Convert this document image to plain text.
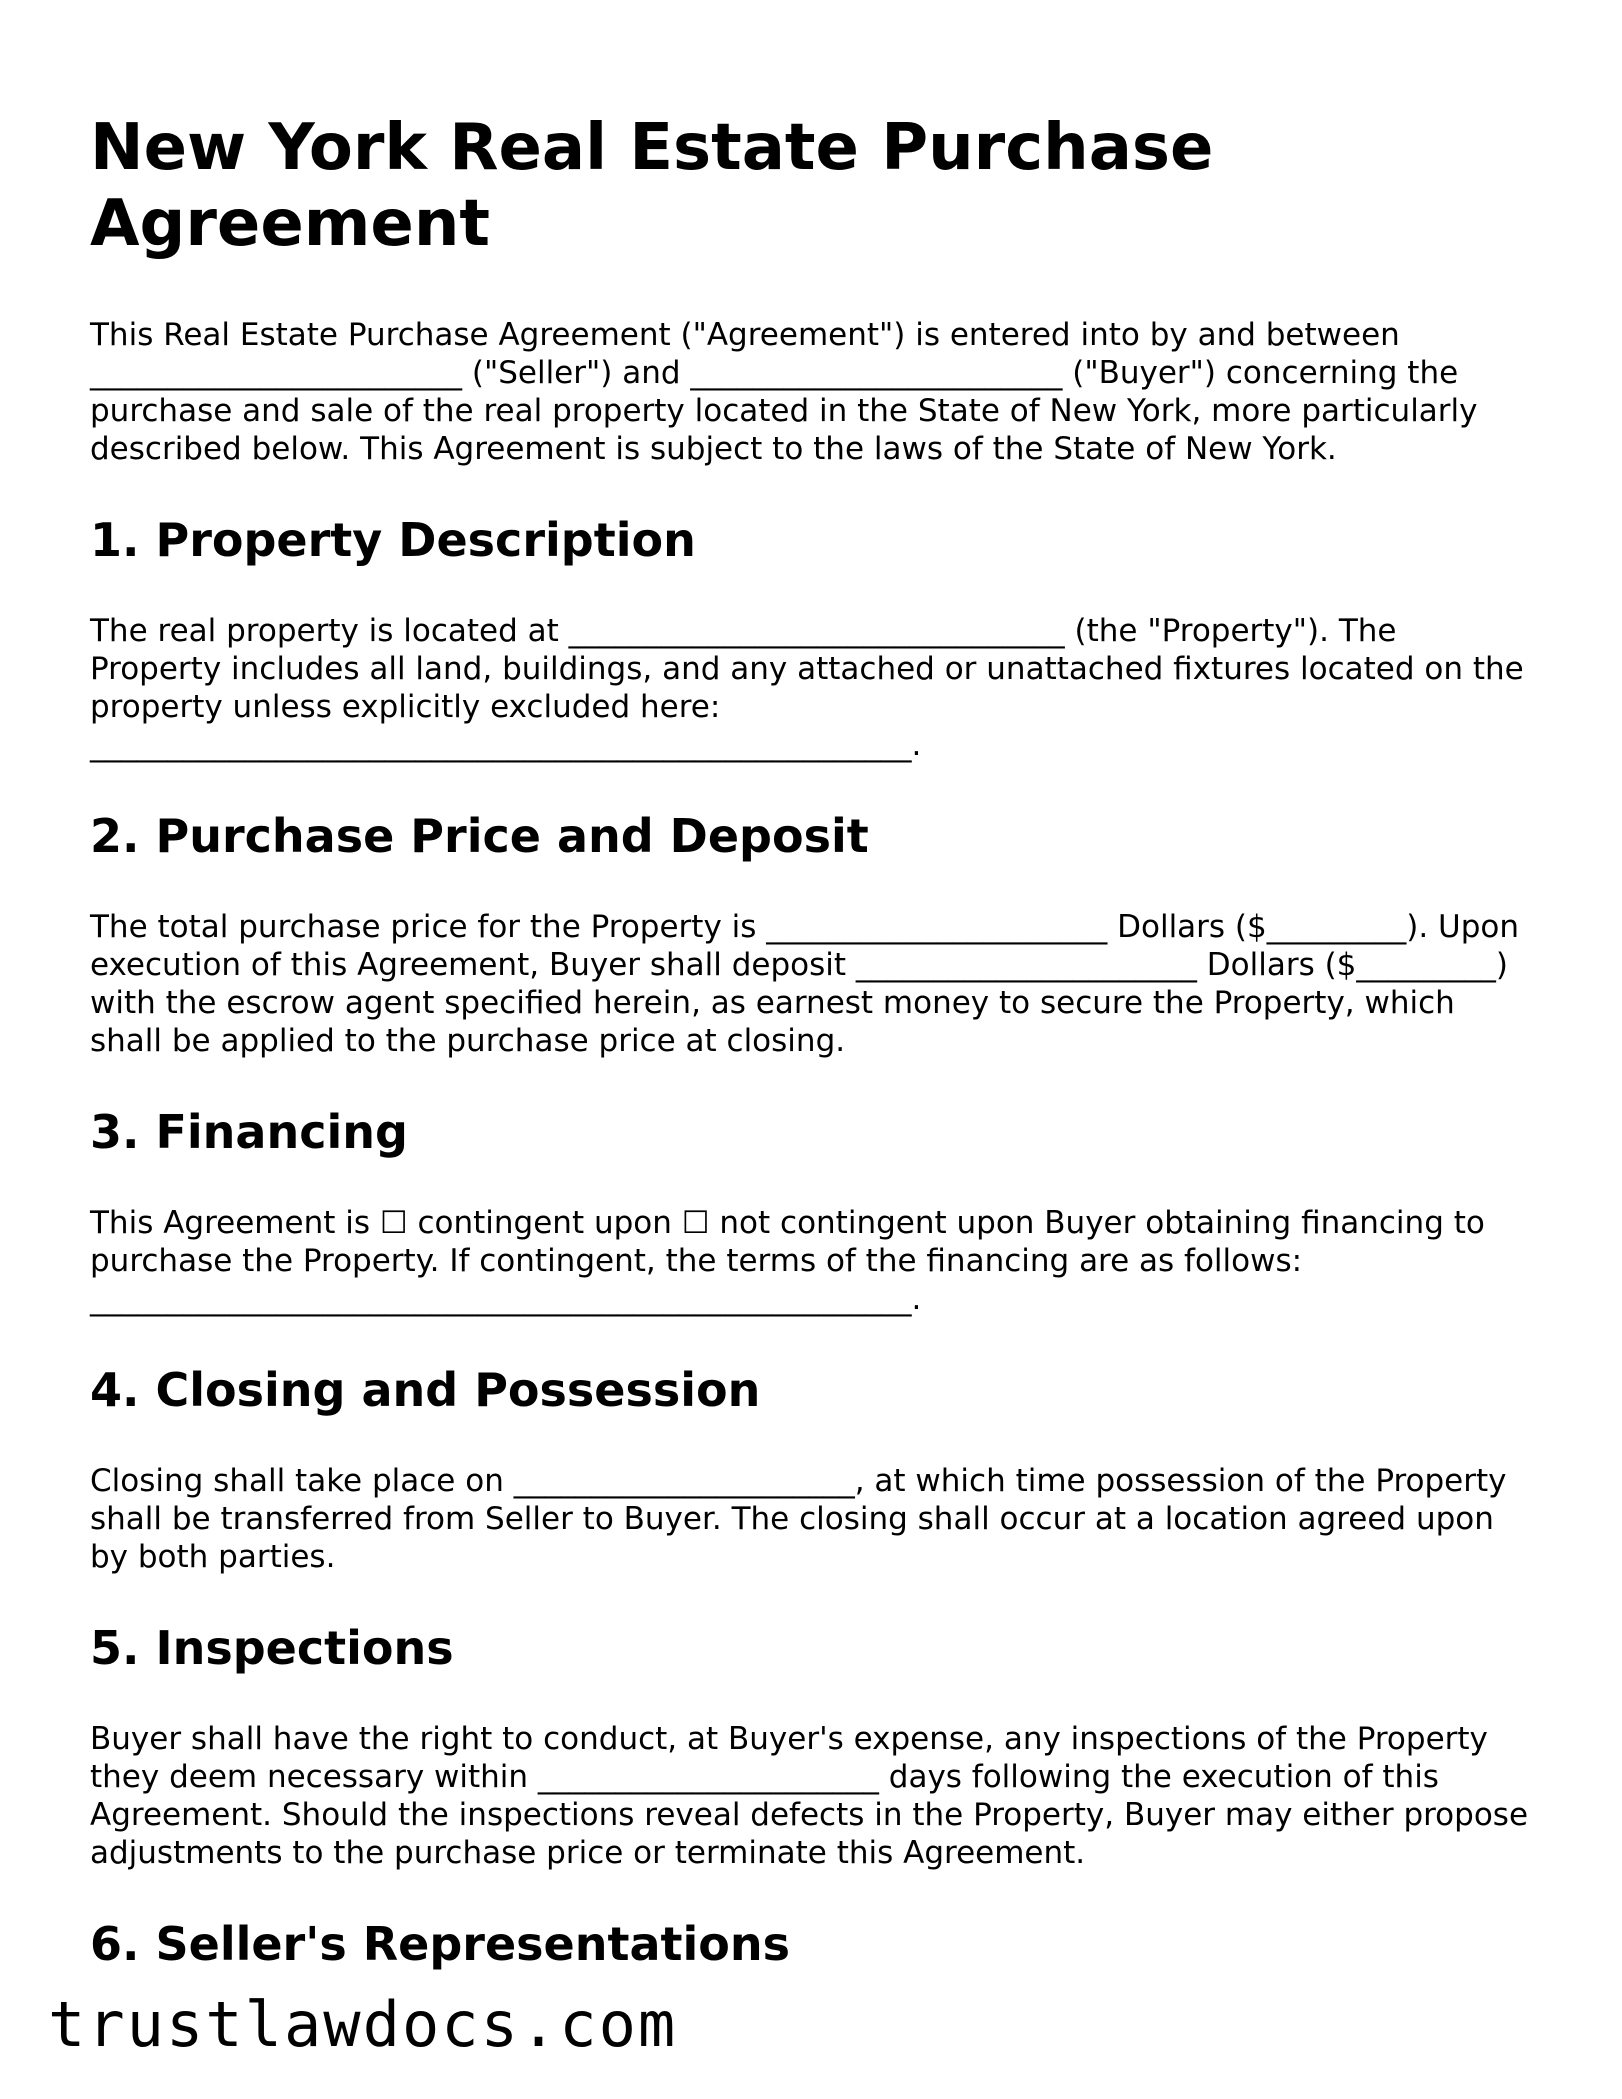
New York Real Estate Purchase Agreement

This Real Estate Purchase Agreement ("Agreement") is entered into by and between ________________________ ("Seller") and ________________________ ("Buyer") concerning the purchase and sale of the real property located in the State of New York, more particularly described below. This Agreement is subject to the laws of the State of New York.

1. Property Description

The real property is located at ________________________________ (the "Property"). The Property includes all land, buildings, and any attached or unattached fixtures located on the property unless explicitly excluded here: _____________________________________________________.

2. Purchase Price and Deposit

The total purchase price for the Property is ______________________ Dollars ($_________). Upon execution of this Agreement, Buyer shall deposit ______________________ Dollars ($_________) with the escrow agent specified herein, as earnest money to secure the Property, which shall be applied to the purchase price at closing.

3. Financing

This Agreement is ☐ contingent upon ☐ not contingent upon Buyer obtaining financing to purchase the Property. If contingent, the terms of the financing are as follows: _____________________________________________________.

4. Closing and Possession

Closing shall take place on ______________________, at which time possession of the Property shall be transferred from Seller to Buyer. The closing shall occur at a location agreed upon by both parties.

5. Inspections

Buyer shall have the right to conduct, at Buyer's expense, any inspections of the Property they deem necessary within ______________________ days following the execution of this Agreement. Should the inspections reveal defects in the Property, Buyer may either propose adjustments to the purchase price or terminate this Agreement.

6. Seller's Representations
trustlawdocs.com
